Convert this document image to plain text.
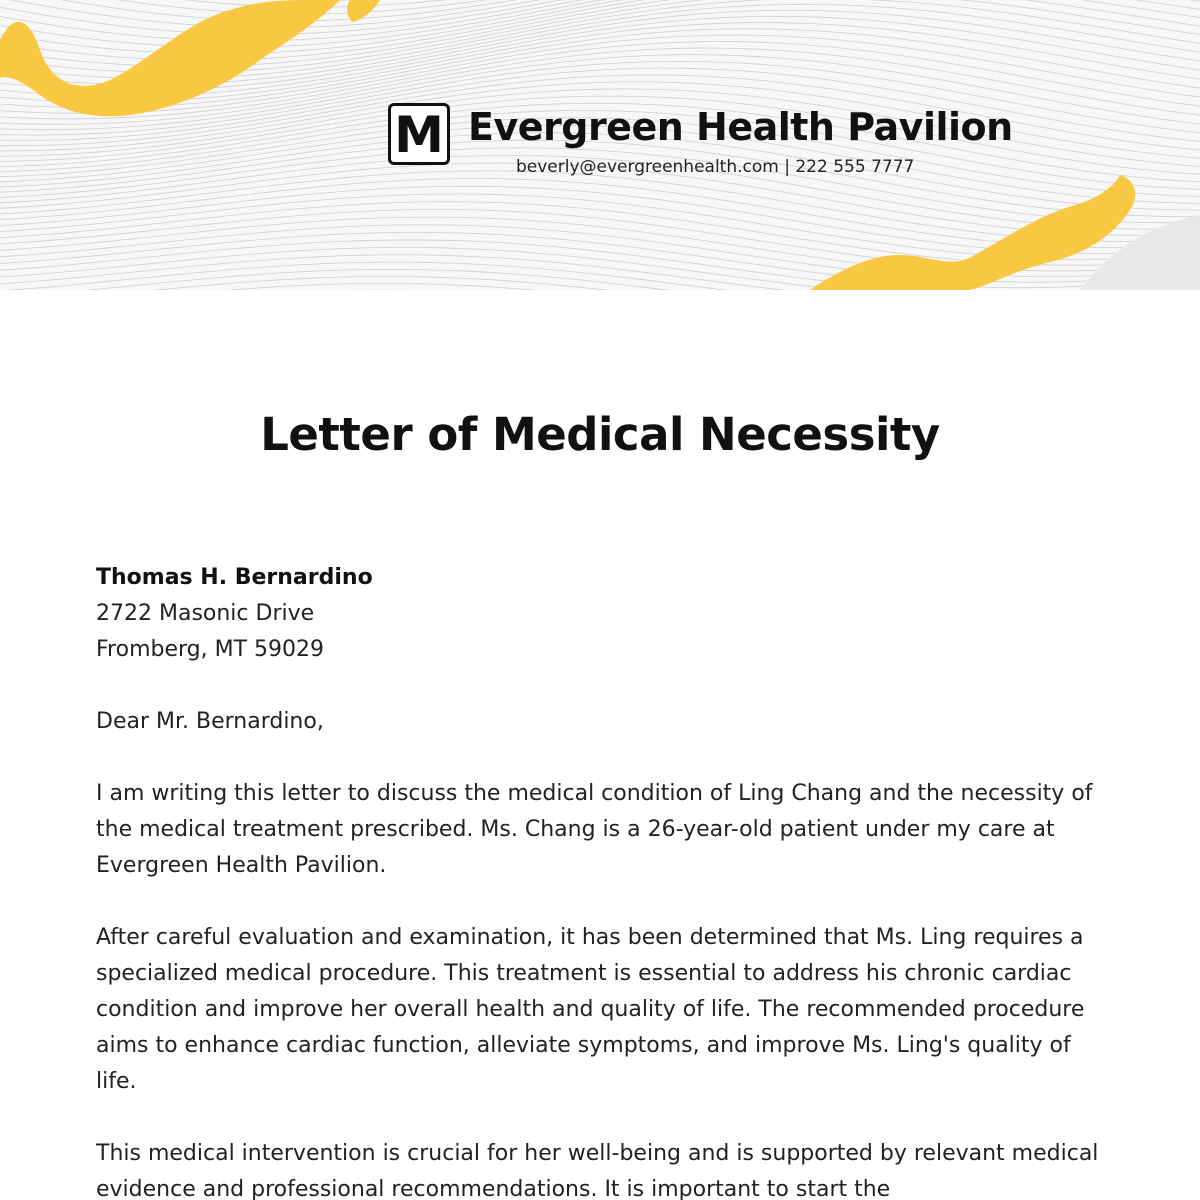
M Evergreen Health Pavilion
beverly@evergreenhealth.com | 222 555 7777
Letter of Medical Necessity
Thomas H. Bernardino
2722 Masonic Drive
Fromberg, MT 59029

Dear Mr. Bernardino,

I am writing this letter to discuss the medical condition of Ling Chang and the necessity of the medical treatment prescribed. Ms. Chang is a 26-year-old patient under my care at Evergreen Health Pavilion.

After careful evaluation and examination, it has been determined that Ms. Ling requires a specialized medical procedure. This treatment is essential to address his chronic cardiac condition and improve her overall health and quality of life. The recommended procedure aims to enhance cardiac function, alleviate symptoms, and improve Ms. Ling's quality of life.

This medical intervention is crucial for her well-being and is supported by relevant medical evidence and professional recommendations. It is important to start the
